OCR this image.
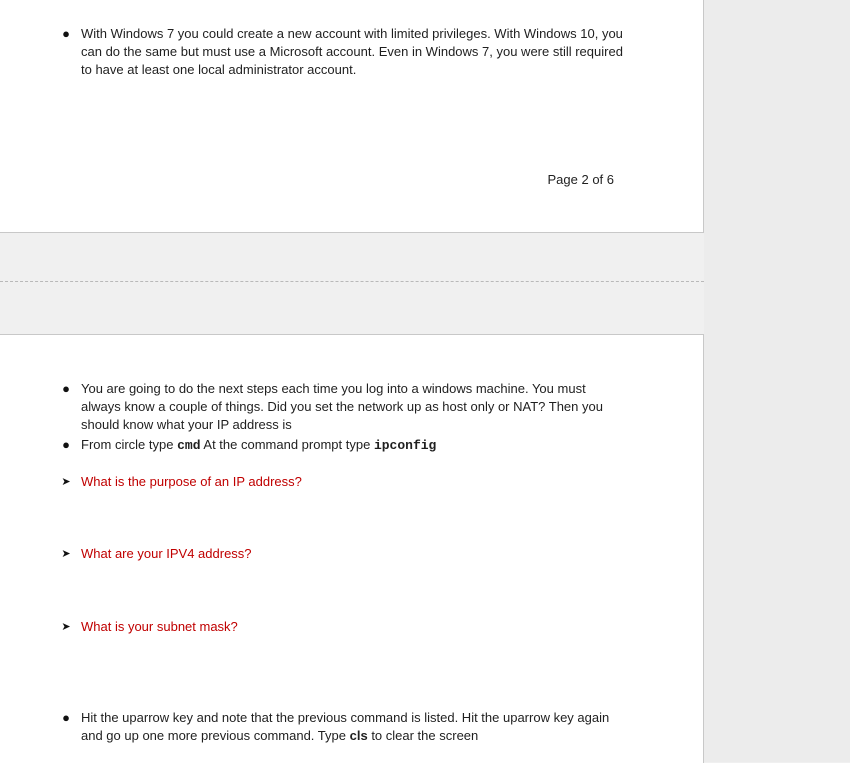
● With Windows 7 you could create a new account with limited privileges. With Windows 10, you can do the same but must use a Microsoft account. Even in Windows 7, you were still required to have at least one local administrator account.
Page 2 of 6
● You are going to do the next steps each time you log into a windows machine. You must always know a couple of things. Did you set the network up as host only or NAT? Then you should know what your IP address is
● From circle type cmd At the command prompt type ipconfig
➤ What is the purpose of an IP address?
➤ What are your IPV4 address?
➤ What is your subnet mask?
● Hit the uparrow key and note that the previous command is listed. Hit the uparrow key again and go up one more previous command. Type cls to clear the screen
